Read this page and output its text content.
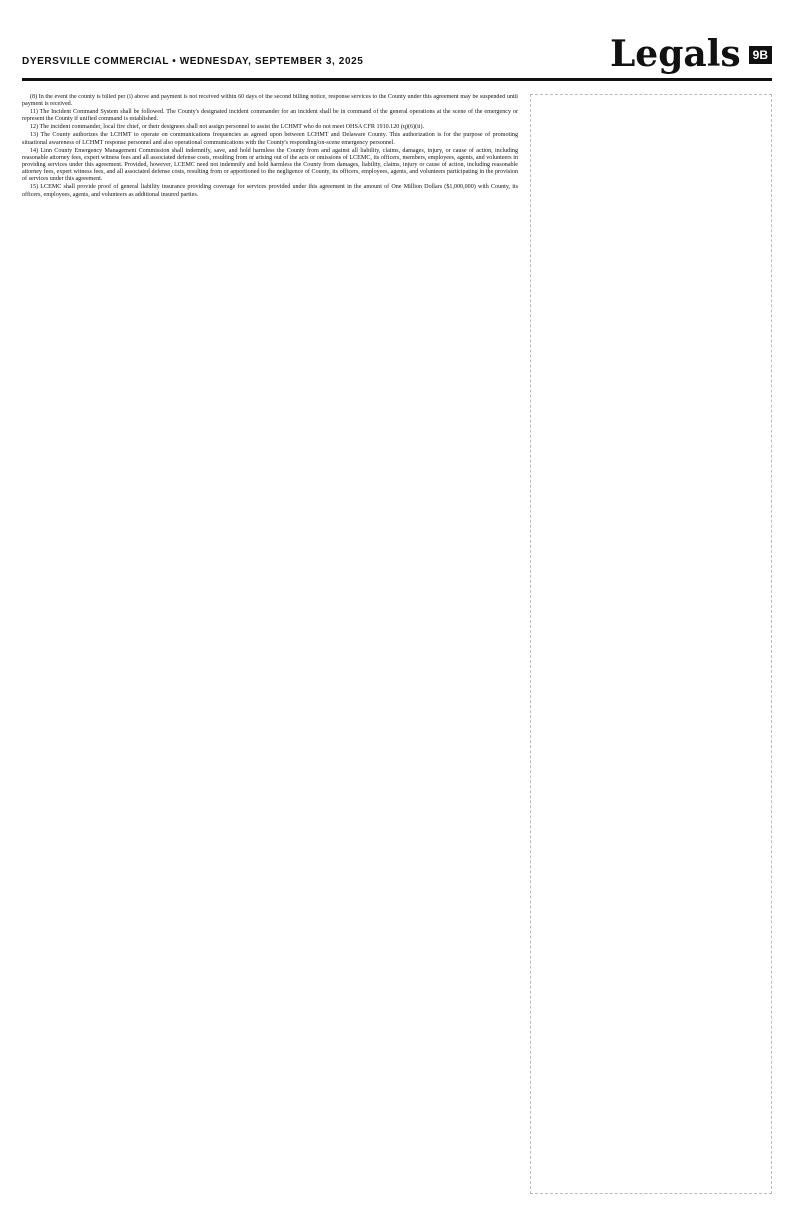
DYERSVILLE COMMERCIAL • WEDNESDAY, SEPTEMBER 3, 2025	Legals 9B

(8) In the event the county is billed per (i) above and payment is not received within 60 days of the second billing notice, response services to the County under this agreement may be suspended until payment is received.

11) The Incident Command System shall be followed. The County's designated incident commander for an incident shall be in command of the general operations at the scene of the emergency or represent the County if unified command is established.

12) The incident commander, local fire chief, or their designees shall not assign personnel to assist the LCHMT who do not meet OHSA CFR 1910.120 (q)(6)(ii).

13) The County authorizes the LCHMT to operate on communications frequencies as agreed upon between LCHMT and Delaware County. This authorization is for the purpose of promoting situational awareness of LCHMT response personnel and also operational communications with the County's responding/on-scene emergency personnel.

14) Linn County Emergency Management Commission shall indemnify, save, and hold harmless the County from and against all liability, claims, damages, injury, or cause of action, including reasonable attorney fees, expert witness fees and all associated defense costs, resulting from or arising out of the acts or omissions of LCEMC, its officers, members, employees, agents, and volunteers in providing services under this agreement. Provided, however, LCEMC need not indemnify and hold harmless the County from damages, liability, claims, injury or cause of action, including reasonable attorney fees, expert witness fees, and all associated defense costs, resulting from or apportioned to the negligence of County, its officers, employees, agents, and volunteers participating in the provision of services under this agreement.

15) LCEMC shall provide proof of general liability insurance providing coverage for services provided under this agreement in the amount of One Million Dollars ($1,000,000) with County, its officers, employees, agents, and volunteers as additional insured parties.
